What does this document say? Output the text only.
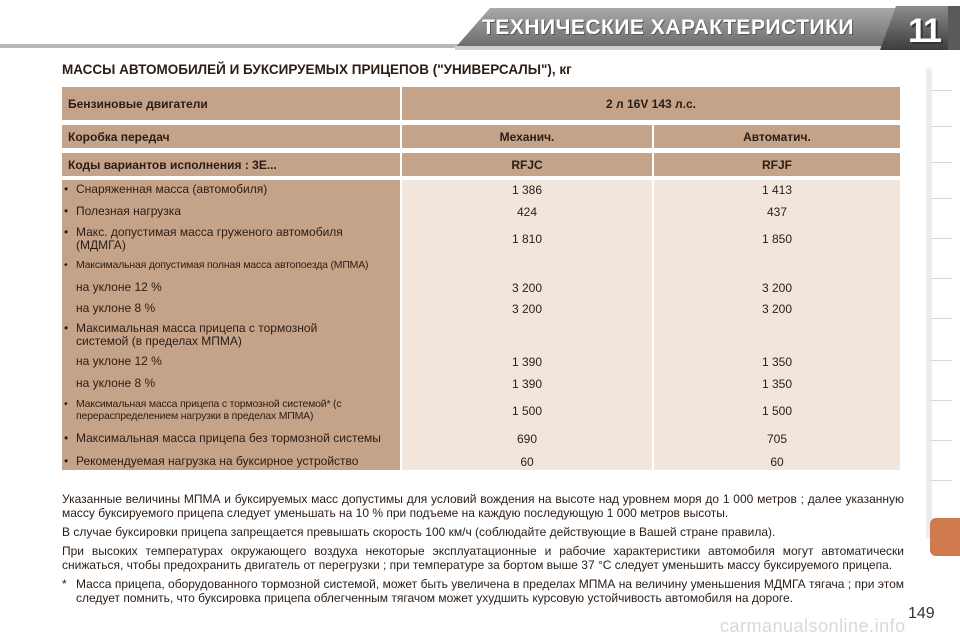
ТЕХНИЧЕСКИЕ ХАРАКТЕРИСТИКИ	11
МАССЫ АВТОМОБИЛЕЙ И БУКСИРУЕМЫХ ПРИЦЕПОВ ("УНИВЕРСАЛЫ"), кг
Бензиновые двигатели	2 л 16V 143 л.с.
Коробка передач	Механич.	Автоматич.
Коды вариантов исполнения : 3E...	RFJC	RFJF
• Снаряженная масса (автомобиля)	1 386	1 413
• Полезная нагрузка	424	437
• Макс. допустимая масса груженого автомобиля (МДМГА)	1 810	1 850
• Максимальная допустимая полная масса автопоезда (МПМА)
на уклоне 12 %	3 200	3 200
на уклоне 8 %	3 200	3 200
• Максимальная масса прицепа с тормозной системой (в пределах МПМА)
на уклоне 12 %	1 390	1 350
на уклоне 8 %	1 390	1 350
• Максимальная масса прицепа с тормозной системой* (с перераспределением нагрузки в пределах МПМА)	1 500	1 500
• Максимальная масса прицепа без тормозной системы	690	705
• Рекомендуемая нагрузка на буксирное устройство	60	60

Указанные величины МПМА и буксируемых масс допустимы для условий вождения на высоте над уровнем моря до 1 000 метров ; далее указанную массу буксируемого прицепа следует уменьшать на 10 % при подъеме на каждую последующую 1 000 метров высоты.

В случае буксировки прицепа запрещается превышать скорость 100 км/ч (соблюдайте действующие в Вашей стране правила).

При высоких температурах окружающего воздуха некоторые эксплуатационные и рабочие характеристики автомобиля могут автоматически снижаться, чтобы предохранить двигатель от перегрузки ; при температуре за бортом выше 37 °C следует уменьшить массу буксируемого прицепа.

* Масса прицепа, оборудованного тормозной системой, может быть увеличена в пределах МПМА на величину уменьшения МДМГА тягача ; при этом следует помнить, что буксировка прицепа облегченным тягачом может ухудшить курсовую устойчивость автомобиля на дороге.

149
carmanualsonline.info
